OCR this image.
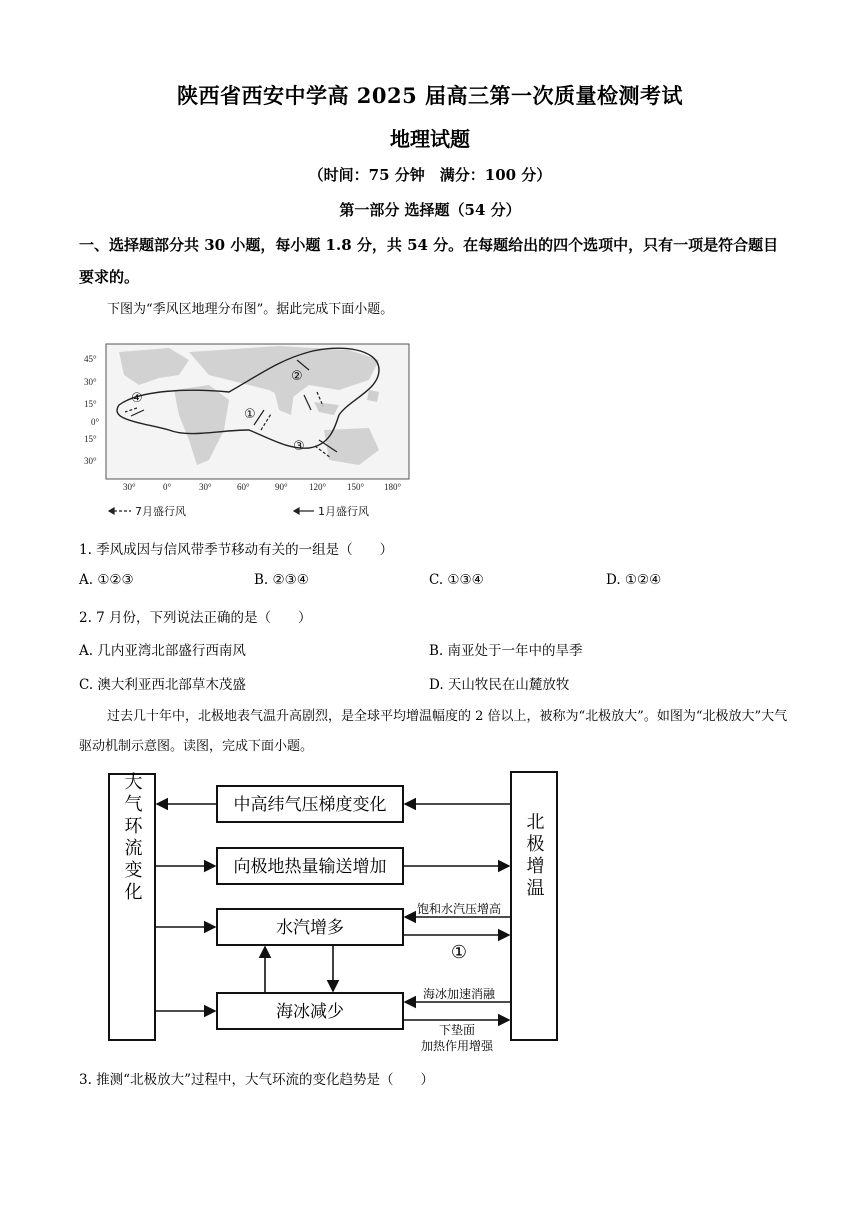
陕西省西安中学高 2025 届高三第一次质量检测考试
地理试题
（时间：75 分钟　满分：100 分）
第一部分 选择题（54 分）
一、选择题部分共 30 小题，每小题 1.8 分，共 54 分。在每题给出的四个选项中，只有一项是符合题目要求的。
下图为“季风区地理分布图”。据此完成下面小题。
45°
30°
15°
0°
15°
30°
30°	0°	30°	60°	90° 120° 150° 180°
①
②
③
④
7月盛行风	1月盛行风
1. 季风成因与信风带季节移动有关的一组是（　　）
A. ①②③	B. ②③④	C. ①③④	D. ①②④
2. 7 月份，下列说法正确的是（　　）
A. 几内亚湾北部盛行西南风	B. 南亚处于一年中的旱季
C. 澳大利亚西北部草木茂盛	D. 天山牧民在山麓放牧
过去几十年中，北极地表气温升高剧烈，是全球平均增温幅度的 2 倍以上，被称为“北极放大”。如图为“北极放大”大气驱动机制示意图。读图，完成下面小题。
大气环流变化	北极增温
中高纬气压梯度变化
向极地热量输送增加
水汽增多
海冰减少
饱和水汽压增高
①
海冰加速消融
下垫面
加热作用增强
3. 推测“北极放大”过程中，大气环流的变化趋势是（　　）
